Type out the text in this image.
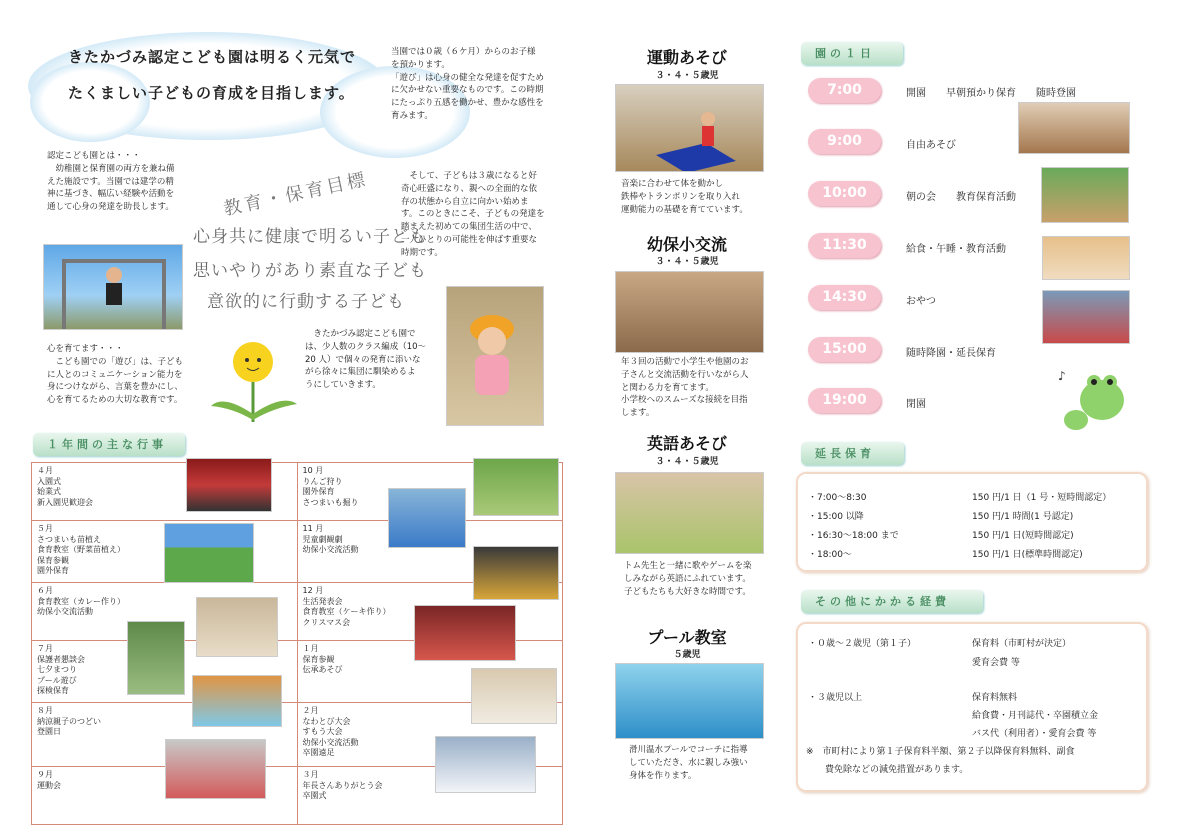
きたかづみ認定こども園は明るく元気で
たくましい子どもの育成を目指します。
当園では０歳（６ケ月）からのお子様
を預かります。
「遊び」は心身の健全な発達を促すため
に欠かせない重要なものです。この時期
にたっぷり五感を働かせ、豊かな感性を
育みます。
認定こども園とは・・・
　幼稚園と保育園の両方を兼ね備
えた施設です。当園では建学の精
神に基づき、幅広い経験や活動を
通して心身の発達を助長します。
　そして、子どもは３歳になると好
奇心旺盛になり、親への全面的な依
存の状態から自立に向かい始めま
す。このときにこそ、子どもの発達を
踏まえた初めての集団生活の中で、
一人ひとりの可能性を伸ばす重要な
時期です。
心を育てます・・・
　こども園での「遊び」は、子ども
に人とのコミュニケーション能力を
身につけながら、言葉を豊かにし、
心を育てるための大切な教育です。
　きたかづみ認定こども園で
は、少人数のクラス編成（10～
20 人）で個々の発育に添いな
がら徐々に集団に馴染めるよ
うにしていきます。
教育・保育目標
心身共に健康で明るい子ども
思いやりがあり素直な子ども
意欲的に行動する子ども
１年間の主な行事
４月
入園式
始業式
新入園児歓迎会	10 月
りんご狩り
園外保育
さつまいも掘り

５月
さつまいも苗植え
食育教室（野菜苗植え）
保育参観
園外保育	11 月
児童劇観劇
幼保小交流活動

６月
食育教室（カレー作り）
幼保小交流活動	12 月
生活発表会
食育教室（ケーキ作り）
クリスマス会

７月
保護者懇談会
七夕まつり
プール遊び
探検保育	１月
保育参観
伝承あそび

８月
納涼親子のつどい
登園日	２月
なわとび大会
すもう大会
幼保小交流活動
卒園遠足

９月
運動会	３月
年長さんありがとう会
卒園式
運動あそび
３・４・５歳児
音楽に合わせて体を動かし
鉄棒やトランポリンを取り入れ
運動能力の基礎を育てています。
幼保小交流
３・４・５歳児
年３回の活動で小学生や他園のお
子さんと交流活動を行いながら人
と関わる力を育てます。
小学校へのスムーズな接続を目指
します。
英語あそび
３・４・５歳児
トム先生と一緒に歌やゲームを楽
しみながら英語にふれています。
子どもたちも大好きな時間です。
プール教室
５歳児
滑川温水プールでコーチに指導
していただき、水に親しみ強い
身体を作ります。
園の１日
7:00	開園　　早朝預かり保育　　随時登園
9:00	自由あそび
10:00	朝の会　　教育保育活動
11:30	給食・午睡・教育活動
14:30	おやつ
15:00	随時降園・延長保育
19:00	閉園
♪
延長保育
・7:00～8:30	150 円/1 日（1 号・短時間認定）
・15:00 以降	150 円/1 時間(1 号認定)
・16:30～18:00 まで	150 円/1 日(短時間認定)
・18:00～	150 円/1 日(標準時間認定)
その他にかかる経費
・０歳～２歳児（第１子）	保育料（市町村が決定）
愛育会費 等
・３歳児以上	保育料無料
給食費・月刊誌代・卒園積立金
バス代（利用者）・愛育会費 等
※　市町村により第１子保育料半額、第２子以降保育料無料、副食
費免除などの減免措置があります。
